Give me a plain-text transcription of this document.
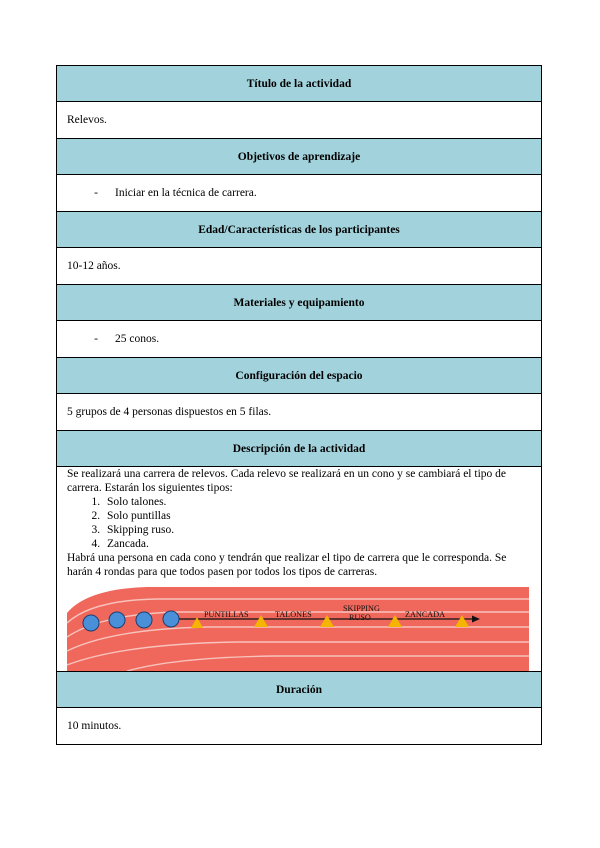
Título de la actividad
Relevos.
Objetivos de aprendizaje
- Iniciar en la técnica de carrera.
Edad/Características de los participantes
10-12 años.
Materiales y equipamiento
- 25 conos.
Configuración del espacio
5 grupos de 4 personas dispuestos en 5 filas.
Descripción de la actividad

Se realizará una carrera de relevos. Cada relevo se realizará en un cono y se cambiará el tipo de carrera. Estarán los siguientes tipos:
1. Solo talones.
2. Solo puntillas
3. Skipping ruso.
4. Zancada.
Habrá una persona en cada cono y tendrán que realizar el tipo de carrera que le corresponda. Se harán 4 rondas para que todos pasen por todos los tipos de carreras.
PUNTILLAS	TALONES
SKIPPING
RUSO	ZANCADA

Duración
10 minutos.
